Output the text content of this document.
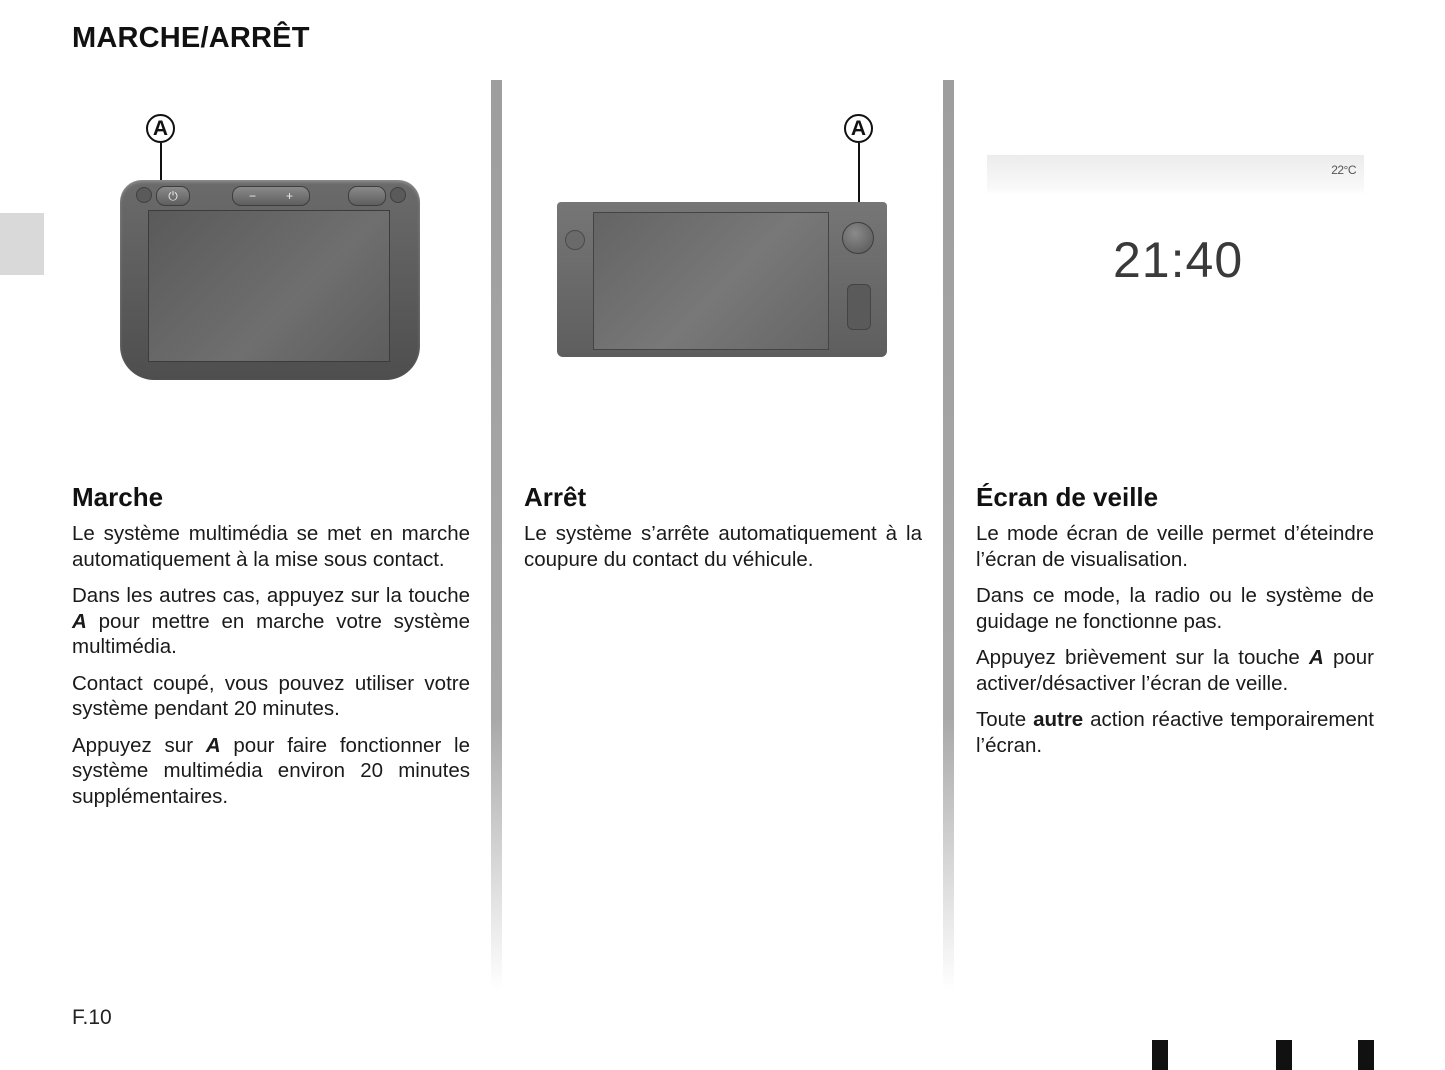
MARCHE/ARRÊT
A
⏻	−	+
A
22°C
21:40
Marche

Le système multimédia se met en marche automatiquement à la mise sous contact.

Dans les autres cas, appuyez sur la touche A pour mettre en marche votre système multimédia.

Contact coupé, vous pouvez utiliser votre système pendant 20 minutes.

Appuyez sur A pour faire fonctionner le système multimédia environ 20 minutes supplémentaires.

Arrêt

Le système s’arrête automatiquement à la coupure du contact du véhicule.

Écran de veille

Le mode écran de veille permet d’éteindre l’écran de visualisation.

Dans ce mode, la radio ou le système de guidage ne fonctionne pas.

Appuyez brièvement sur la touche A pour activer/désactiver l’écran de veille.

Toute autre action réactive temporairement l’écran.

F.10
